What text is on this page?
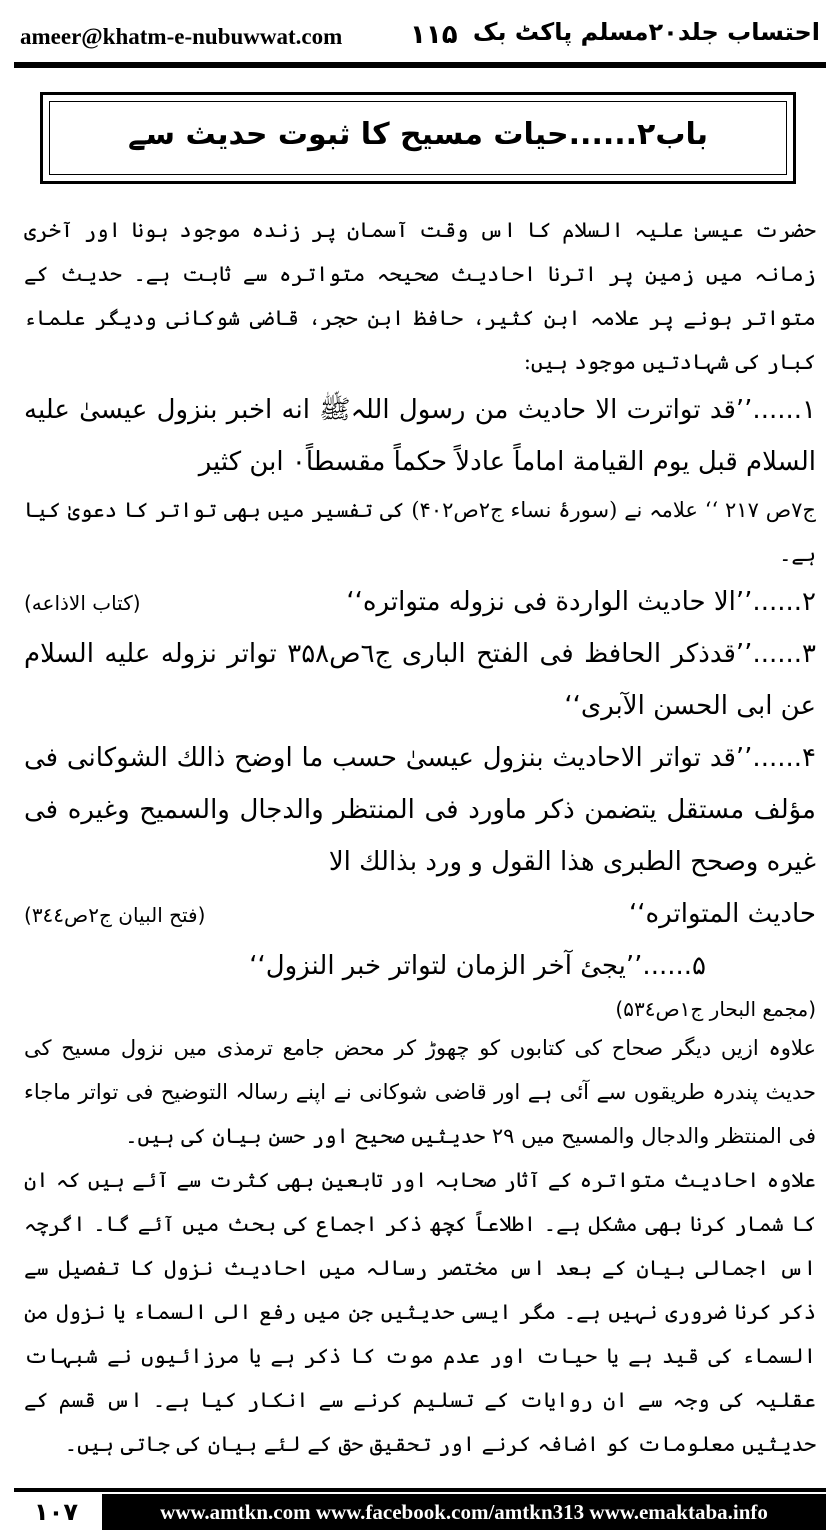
ameer@khatm-e-nubuwwat.com	۱۱۵ احتساب جلد۲۰مسلم پاکٹ بک
باب۲......حیات مسیح کا ثبوت حدیث سے

حضرت عیسیٰ علیہ السلام کا اس وقت آسمان پر زندہ موجود ہونا اور آخری زمانہ میں زمین پر اترنا احادیث صحیحہ متواترہ سے ثابت ہے۔ حدیث کے متواتر ہونے پر علامہ ابن کثیر، حافظ ابن حجر، قاضی شوکانی ودیگر علماء کبار کی شہادتیں موجود ہیں:

۱......’’قد تواترت الا حادیث من رسول اللہﷺ انه اخبر بنزول عیسیٰ علیه السلام قبل یوم القیامة اماماً عادلاً حکماً مقسطاً۰ ابن کثیر

ج۷ص ۲۱۷ ‘‘ علامہ نے (سورۂ نساء ج۲ص۴۰۲) کی تفسیر میں بھی تواتر کا دعویٰ کیا ہے۔

۲......’’الا حادیث الواردة فی نزوله متواتره‘‘
(کتاب الاذاعه)

۳......’’قدذکر الحافظ فی الفتح الباری ج٦ص۳۵۸ تواتر نزوله علیه السلام عن ابی الحسن الآبری‘‘

۴......’’قد تواتر الاحادیث بنزول عیسیٰ حسب ما اوضح ذالك الشوکانی فی مؤلف مستقل یتضمن ذکر ماورد فی المنتظر والدجال والسمیح وغیره فی غیره وصحح الطبری هذا القول و ورد بذالك الا

حادیث المتواتره‘‘
(فتح البیان ج۲ص۳٤٤)

۵......’’یجئ آخر الزمان لتواتر خبر النزول‘‘

(مجمع البحار ج۱ص۵۳٤)

علاوہ ازیں دیگر صحاح کی کتابوں کو چھوڑ کر محض جامع ترمذی میں نزول مسیح کی حدیث پندرہ طریقوں سے آئی ہے اور قاضی شوکانی نے اپنے رسالہ التوضیح فی تواتر ماجاء فی المنتظر والدجال والمسیح میں ۲۹ حدیثیں صحیح اور حسن بیان کی ہیں۔

علاوہ احادیث متواترہ کے آثار صحابہ اور تابعین بھی کثرت سے آئے ہیں کہ ان کا شمار کرنا بھی مشکل ہے۔ اطلاعاً کچھ ذکر اجماع کی بحث میں آئے گا۔ اگرچہ اس اجمالی بیان کے بعد اس مختصر رسالہ میں احادیث نزول کا تفصیل سے ذکر کرنا ضروری نہیں ہے۔ مگر ایسی حدیثیں جن میں رفع الی السماء یا نزول من السماء کی قید ہے یا حیات اور عدم موت کا ذکر ہے یا مرزائیوں نے شبہات عقلیہ کی وجہ سے ان روایات کے تسلیم کرنے سے انکار کیا ہے۔ اس قسم کے حدیثیں معلومات کو اضافہ کرنے اور تحقیق حق کے لئے بیان کی جاتی ہیں۔

۱۰۷	www.amtkn.com www.facebook.com/amtkn313 www.emaktaba.info
